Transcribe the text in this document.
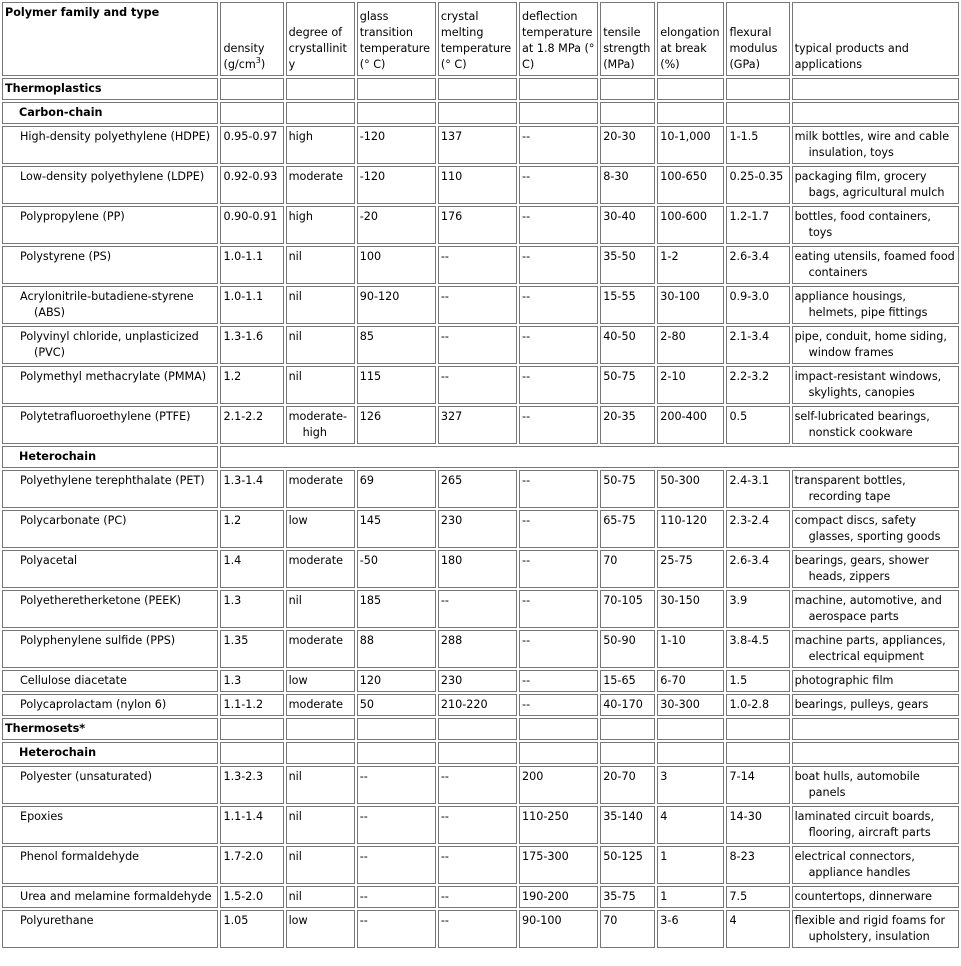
Polymer family and type	density $(g/cm^3)$	degree of crystallinity	glass transition temperature (° C)	crystal melting temperature (° C)	deflection temperature at 1.8 MPa (° C)	tensile strength (MPa)	elongation at break (%)	flexural modulus (GPa)	typical products and applications
Thermoplastics									

Carbon-chain									

High-density polyethylene (HDPE)	0.95-0.97	high	-120	137	--	20-30	10-1,000	1-1.5	milk bottles, wire and cable insulation, toys

Low-density polyethylene (LDPE)	0.92-0.93	moderate	-120	110	--	8-30	100-650	0.25-0.35	packaging film, grocery bags, agricultural mulch

Polypropylene (PP)	0.90-0.91	high	-20	176	--	30-40	100-600	1.2-1.7	bottles, food containers, toys

Polystyrene (PS)	1.0-1.1	nil	100	--	--	35-50	1-2	2.6-3.4	eating utensils, foamed food containers

Acrylonitrile-butadiene-styrene (ABS)	1.0-1.1	nil	90-120	--	--	15-55	30-100	0.9-3.0	appliance housings, helmets, pipe fittings

Polyvinyl chloride, unplasticized (PVC)	1.3-1.6	nil	85	--	--	40-50	2-80	2.1-3.4	pipe, conduit, home siding, window frames

Polymethyl methacrylate (PMMA)	1.2	nil	115	--	--	50-75	2-10	2.2-3.2	impact-resistant windows, skylights, canopies

Polytetrafluoroethylene (PTFE)	2.1-2.2	moderate-high	126	327	--	20-35	200-400	0.5	self-lubricated bearings, nonstick cookware

Heterochain									

Polyethylene terephthalate (PET)	1.3-1.4	moderate	69	265	--	50-75	50-300	2.4-3.1	transparent bottles, recording tape

Polycarbonate (PC)	1.2	low	145	230	--	65-75	110-120	2.3-2.4	compact discs, safety glasses, sporting goods

Polyacetal	1.4	moderate	-50	180	--	70	25-75	2.6-3.4	bearings, gears, shower heads, zippers

Polyetheretherketone (PEEK)	1.3	nil	185	--	--	70-105	30-150	3.9	machine, automotive, and aerospace parts

Polyphenylene sulfide (PPS)	1.35	moderate	88	288	--	50-90	1-10	3.8-4.5	machine parts, appliances, electrical equipment

Cellulose diacetate	1.3	low	120	230	--	15-65	6-70	1.5	photographic film

Polycaprolactam (nylon 6)	1.1-1.2	moderate	50	210-220	--	40-170	30-300	1.0-2.8	bearings, pulleys, gears

Thermosets*									

Heterochain									

Polyester (unsaturated)	1.3-2.3	nil	--	--	200	20-70	3	7-14	boat hulls, automobile panels

Epoxies	1.1-1.4	nil	--	--	110-250	35-140	4	14-30	laminated circuit boards, flooring, aircraft parts

Phenol formaldehyde	1.7-2.0	nil	--	--	175-300	50-125	1	8-23	electrical connectors, appliance handles

Urea and melamine formaldehyde	1.5-2.0	nil	--	--	190-200	35-75	1	7.5	countertops, dinnerware

Polyurethane	1.05	low	--	--	90-100	70	3-6	4	flexible and rigid foams for upholstery, insulation
